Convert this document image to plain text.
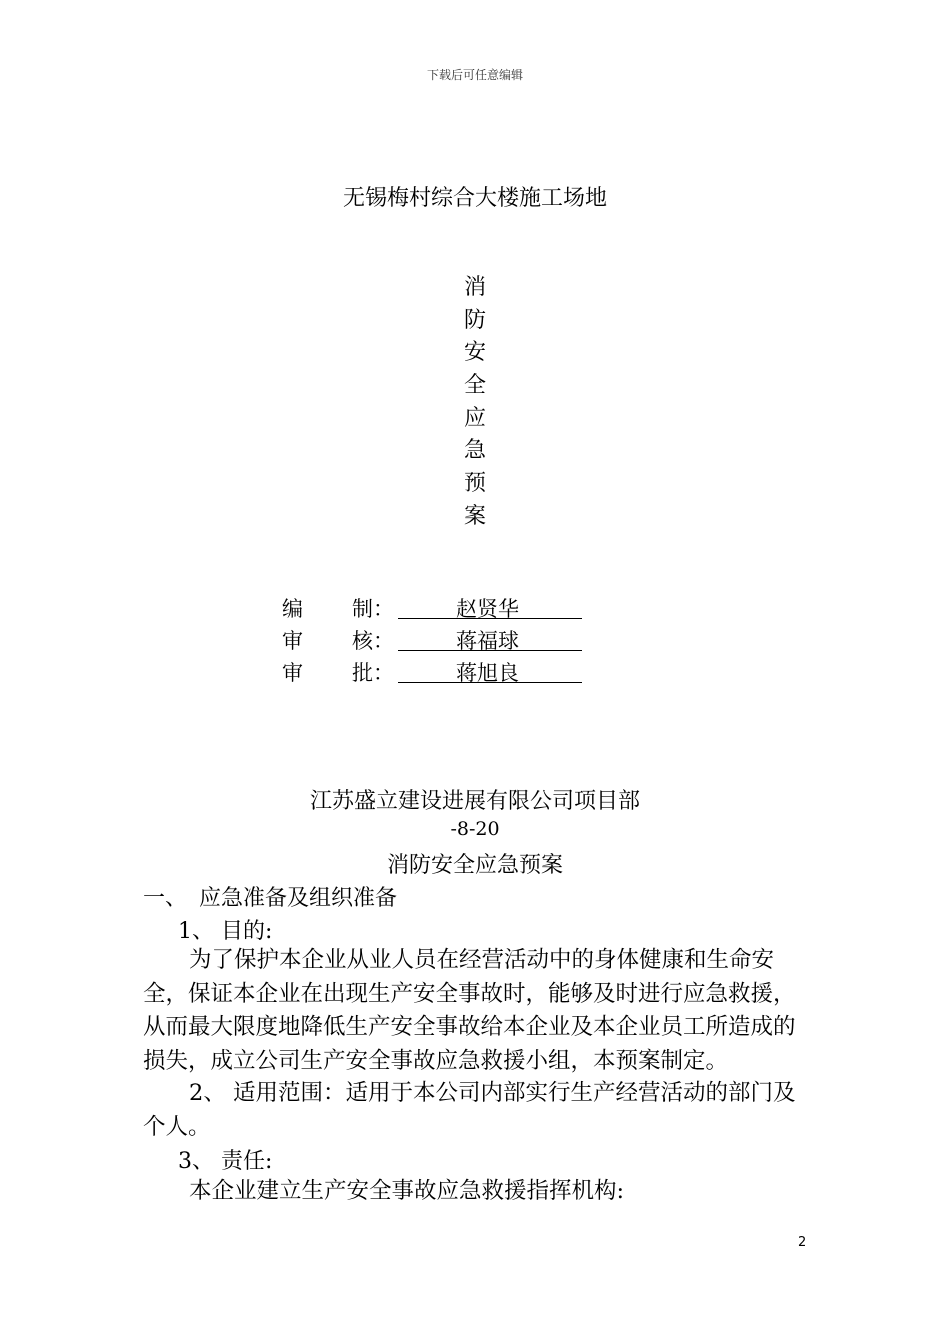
下载后可任意编辑
无锡梅村综合大楼施工场地
消
防
安
全
应
急
预
案
编 制：	赵贤华
审 核：	蒋福球
审 批：	蒋旭良
江苏盛立建设进展有限公司项目部
-8-20
消防安全应急预案
一、 应急准备及组织准备
1、 目的:
为了保护本企业从业人员在经营活动中的身体健康和生命安全，保证本企业在出现生产安全事故时，能够及时进行应急救援，从而最大限度地降低生产安全事故给本企业及本企业员工所造成的损失，成立公司生产安全事故应急救援小组，本预案制定。
2、 适用范围：适用于本公司内部实行生产经营活动的部门及个人。
3、 责任:
本企业建立生产安全事故应急救援指挥机构:
2
